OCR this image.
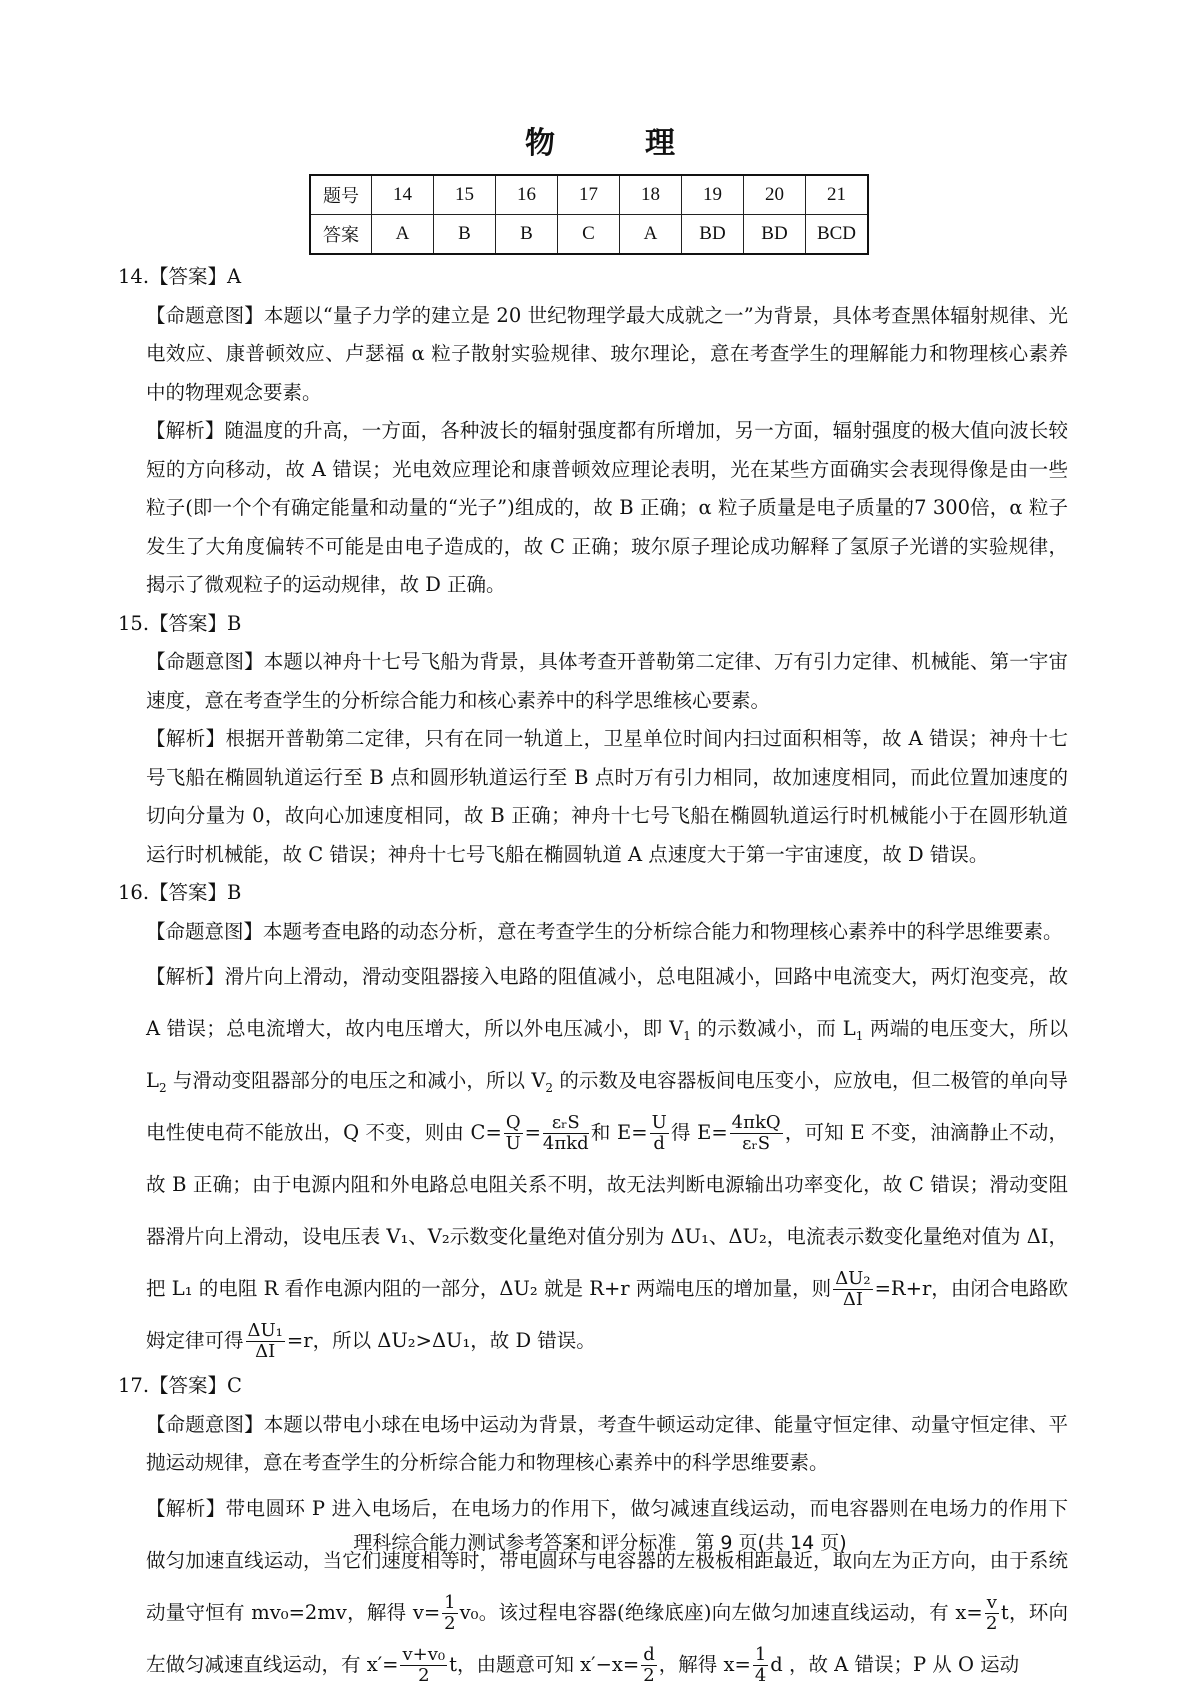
物　理
题号	14	15	16	17	18	19	20	21
答案	A	B	B	C	A	BD	BD	BCD
14.【答案】A
【命题意图】本题以“量子力学的建立是 20 世纪物理学最大成就之一”为背景，具体考查黑体辐射规律、光电效应、康普顿效应、卢瑟福 α 粒子散射实验规律、玻尔理论，意在考查学生的理解能力和物理核心素养中的物理观念要素。
【解析】随温度的升高，一方面，各种波长的辐射强度都有所增加，另一方面，辐射强度的极大值向波长较短的方向移动，故 A 错误；光电效应理论和康普顿效应理论表明，光在某些方面确实会表现得像是由一些粒子(即一个个有确定能量和动量的“光子”)组成的，故 B 正确；α 粒子质量是电子质量的7 300倍，α 粒子发生了大角度偏转不可能是由电子造成的，故 C 正确；玻尔原子理论成功解释了氢原子光谱的实验规律，揭示了微观粒子的运动规律，故 D 正确。
15.【答案】B
【命题意图】本题以神舟十七号飞船为背景，具体考查开普勒第二定律、万有引力定律、机械能、第一宇宙速度，意在考查学生的分析综合能力和核心素养中的科学思维核心要素。
【解析】根据开普勒第二定律，只有在同一轨道上，卫星单位时间内扫过面积相等，故 A 错误；神舟十七号飞船在椭圆轨道运行至 B 点和圆形轨道运行至 B 点时万有引力相同，故加速度相同，而此位置加速度的切向分量为 0，故向心加速度相同，故 B 正确；神舟十七号飞船在椭圆轨道运行时机械能小于在圆形轨道运行时机械能，故 C 错误；神舟十七号飞船在椭圆轨道 A 点速度大于第一宇宙速度，故 D 错误。
16.【答案】B
【命题意图】本题考查电路的动态分析，意在考查学生的分析综合能力和物理核心素养中的科学思维要素。
【解析】滑片向上滑动，滑动变阻器接入电路的阻值减小，总电阻减小，回路中电流变大，两灯泡变亮，故 A 错误；总电流增大，故内电压增大，所以外电压减小，即 $V_1$ 的示数减小，而 $L_1$ 两端的电压变大，所以 $L_2$ 与滑动变阻器部分的电压之和减小，所以 $V_2$ 的示数及电容器板间电压变小，应放电，但二极管的单向导电性使电荷不能放出，Q 不变，则由 $C= \frac{Q}{U} = \frac{\text{εᵣS}}{\text{4πkd}}$ 和 $E= \frac{U}{d}$ 得 $E= \frac{\text{4πkQ}}{\text{εᵣS}}$ ，可知 E 不变，油滴静止不动，故 B 正确；由于电源内阻和外电路总电阻关系不明，故无法判断电源输出功率变化，故 C 错误；滑动变阻器滑片向上滑动，设电压表 V₁、V₂示数变化量绝对值分别为 ΔU₁、ΔU₂，电流表示数变化量绝对值为 ΔI，把 L₁ 的电阻 R 看作电源内阻的一部分，ΔU₂ 就是 R+r 两端电压的增加量，则 $\frac{\text{ΔU₂}}{\Delta I} =R+r$，由闭合电路欧姆定律可得 $\frac{\text{ΔU₁}}{\Delta I} =r$，所以 ΔU₂>ΔU₁，故 D 错误。
17.【答案】C
【命题意图】本题以带电小球在电场中运动为背景，考查牛顿运动定律、能量守恒定律、动量守恒定律、平抛运动规律，意在考查学生的分析综合能力和物理核心素养中的科学思维要素。
【解析】带电圆环 P 进入电场后，在电场力的作用下，做匀减速直线运动，而电容器则在电场力的作用下做匀加速直线运动，当它们速度相等时，带电圆环与电容器的左极板相距最近，取向左为正方向，由于系统动量守恒有 mv₀=2mv，解得 $v= \frac{1}{2} v_0$。该过程电容器(绝缘底座)向左做匀加速直线运动，有 $x= \frac{v}{2}$ t，环向左做匀减速直线运动，有 $x'= \frac{\text{v+v₀}}{2}$ t，由题意可知 $x'-x= \frac{d}{2}$ ，解得 $x= \frac{1}{4}$ d ，故 A 错误；P 从 O 运动
理科综合能力测试参考答案和评分标准　第 9 页(共 14 页)
